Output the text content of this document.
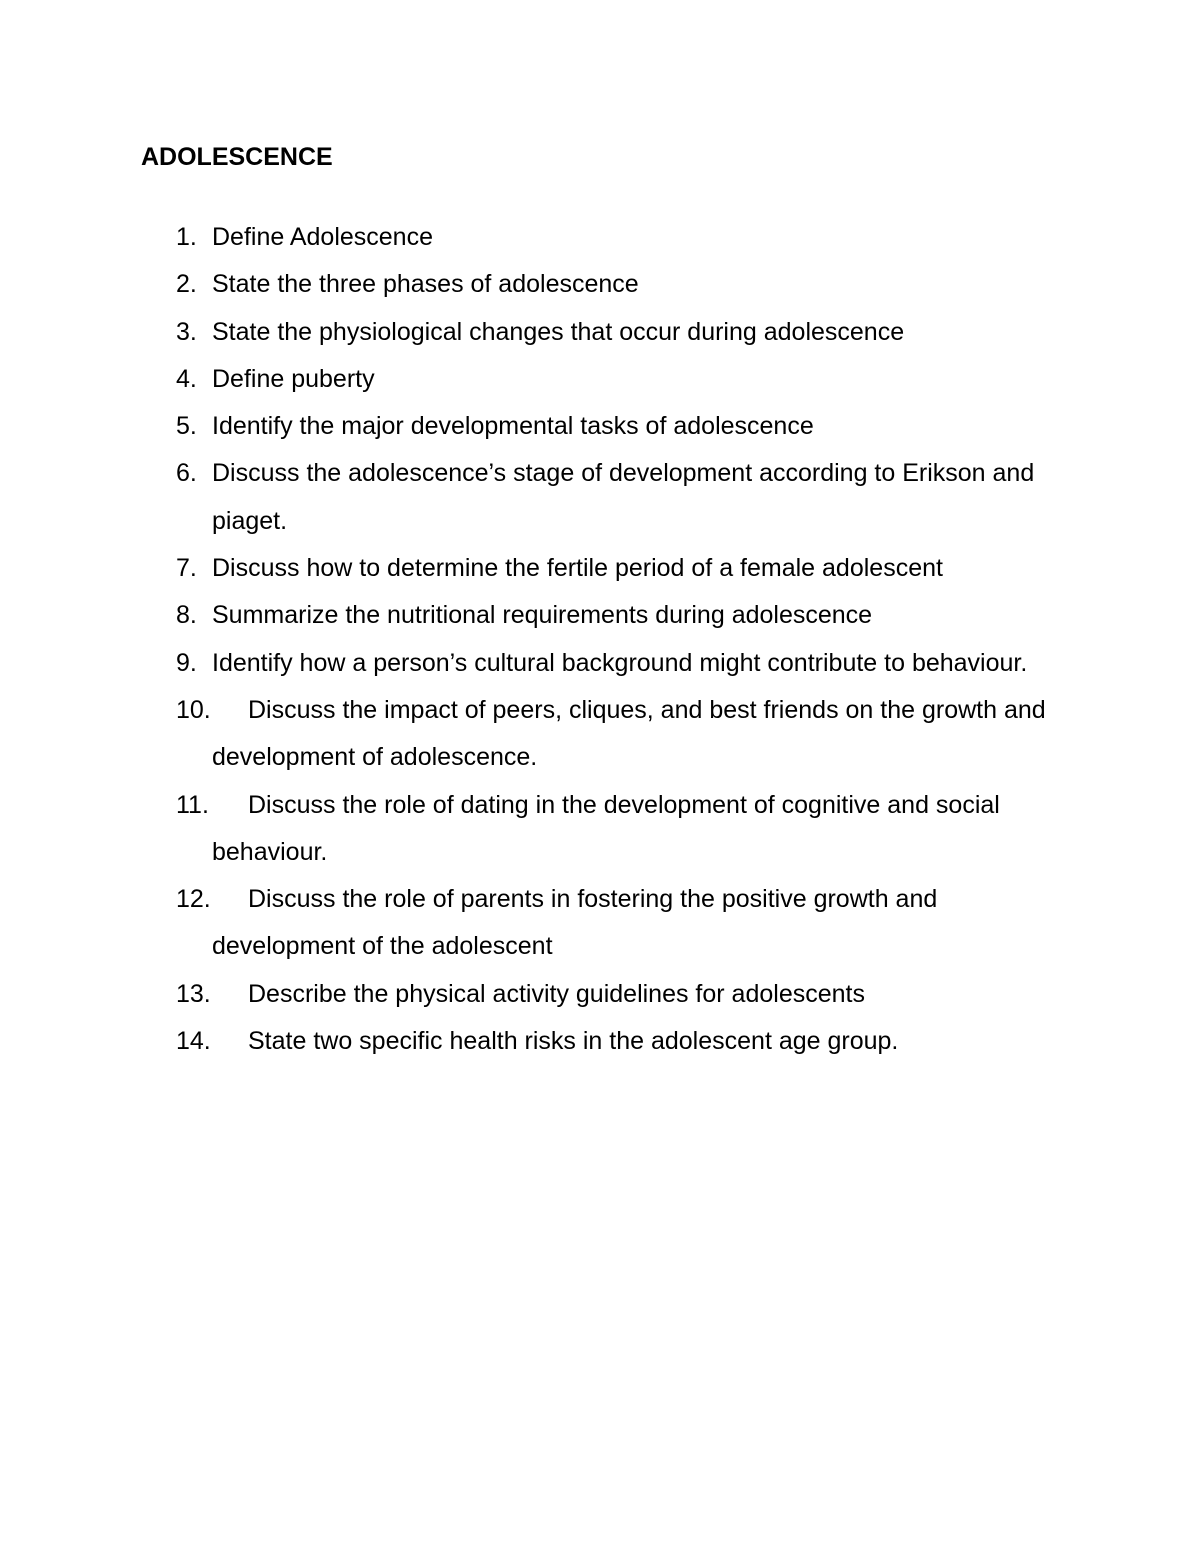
ADOLESCENCE
1. Define Adolescence
2. State the three phases of adolescence
3. State the physiological changes that occur during adolescence
4. Define puberty
5. Identify the major developmental tasks of adolescence
6. Discuss the adolescence’s stage of development according to Erikson and piaget.
7. Discuss how to determine the fertile period of a female adolescent
8. Summarize the nutritional requirements during adolescence
9. Identify how a person’s cultural background might contribute to behaviour.
10.	Discuss the impact of peers, cliques, and best friends on the growth and development of adolescence.
11.	Discuss the role of dating in the development of cognitive and social behaviour.
12.	Discuss the role of parents in fostering the positive growth and development of the adolescent
13.	Describe the physical activity guidelines for adolescents
14.	State two specific health risks in the adolescent age group.
